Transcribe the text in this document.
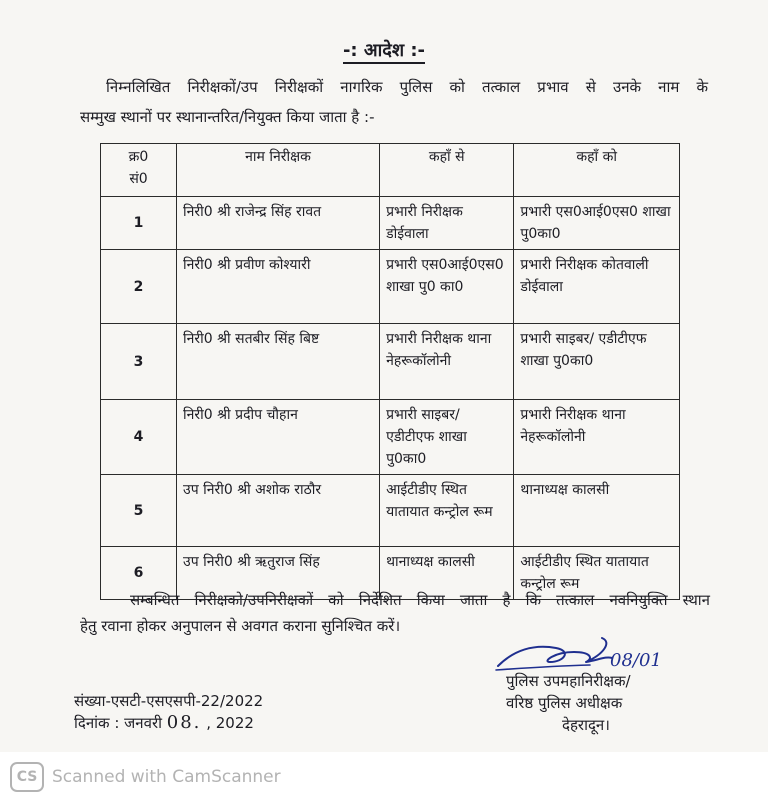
-: आदेश :-
निम्नलिखित निरीक्षकों/उप निरीक्षकों नागरिक पुलिस को तत्काल प्रभाव से उनके नाम के
सम्मुख स्थानों पर स्थानान्तरित/नियुक्त किया जाता है :-
क्र0
सं0	नाम निरीक्षक	कहाँ से	कहाँ को
1	निरी0 श्री राजेन्द्र सिंह रावत	प्रभारी निरीक्षक डोईवाला	प्रभारी एस0आई0एस0 शाखा पु0का0
2	निरी0 श्री प्रवीण कोश्यारी	प्रभारी एस0आई0एस0 शाखा पु0 का0	प्रभारी निरीक्षक कोतवाली डोईवाला
3	निरी0 श्री सतबीर सिंह बिष्ट	प्रभारी निरीक्षक थाना नेहरूकॉलोनी	प्रभारी साइबर/ एडीटीएफ शाखा पु0का0
4	निरी0 श्री प्रदीप चौहान	प्रभारी साइबर/ एडीटीएफ शाखा पु0का0	प्रभारी निरीक्षक थाना नेहरूकॉलोनी
5	उप निरी0 श्री अशोक राठौर	आईटीडीए स्थित यातायात कन्ट्रोल रूम	थानाध्यक्ष कालसी
6	उप निरी0 श्री ऋतुराज सिंह	थानाध्यक्ष कालसी	आईटीडीए स्थित यातायात कन्ट्रोल रूम
सम्बन्धित निरीक्षको/उपनिरीक्षकों को निर्देशित किया जाता है कि तत्काल नवनियुक्ति स्थान
हेतु रवाना होकर अनुपालन से अवगत कराना सुनिश्चित करें।
08/01
पुलिस उपमहानिरीक्षक/
वरिष्ठ पुलिस अधीक्षक
देहरादून।
संख्या-एसटी-एसएसपी-22/2022
दिनांक : जनवरी 08. , 2022
CS Scanned with CamScanner
